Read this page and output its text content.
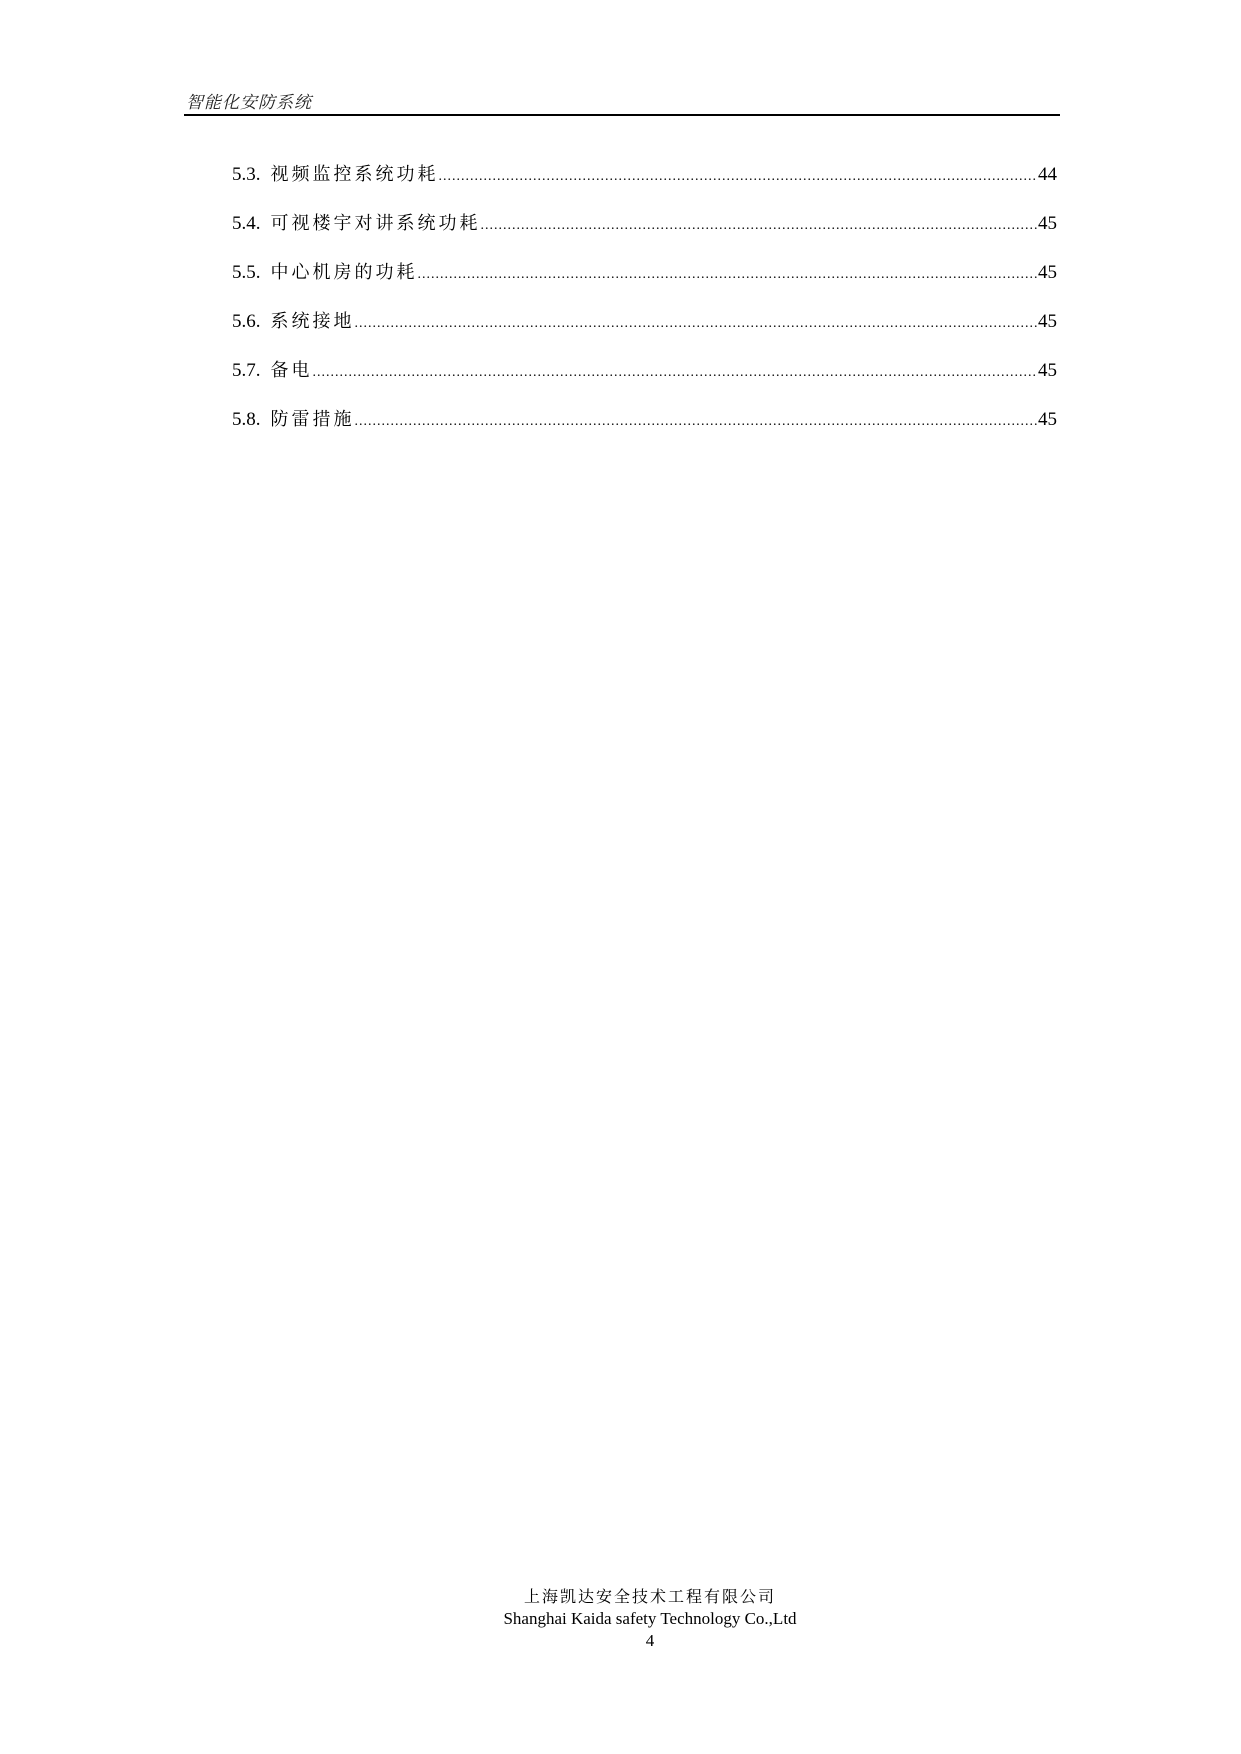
智能化安防系统
5.3. 视频监控系统功耗 .....	44
5.4. 可视楼宇对讲系统功耗 .....	45
5.5. 中心机房的功耗 .....	45
5.6. 系统接地 .....	45
5.7. 备电 .....	45
5.8. 防雷措施 .....	45
上海凯达安全技术工程有限公司
Shanghai Kaida safety Technology Co.,Ltd
4
